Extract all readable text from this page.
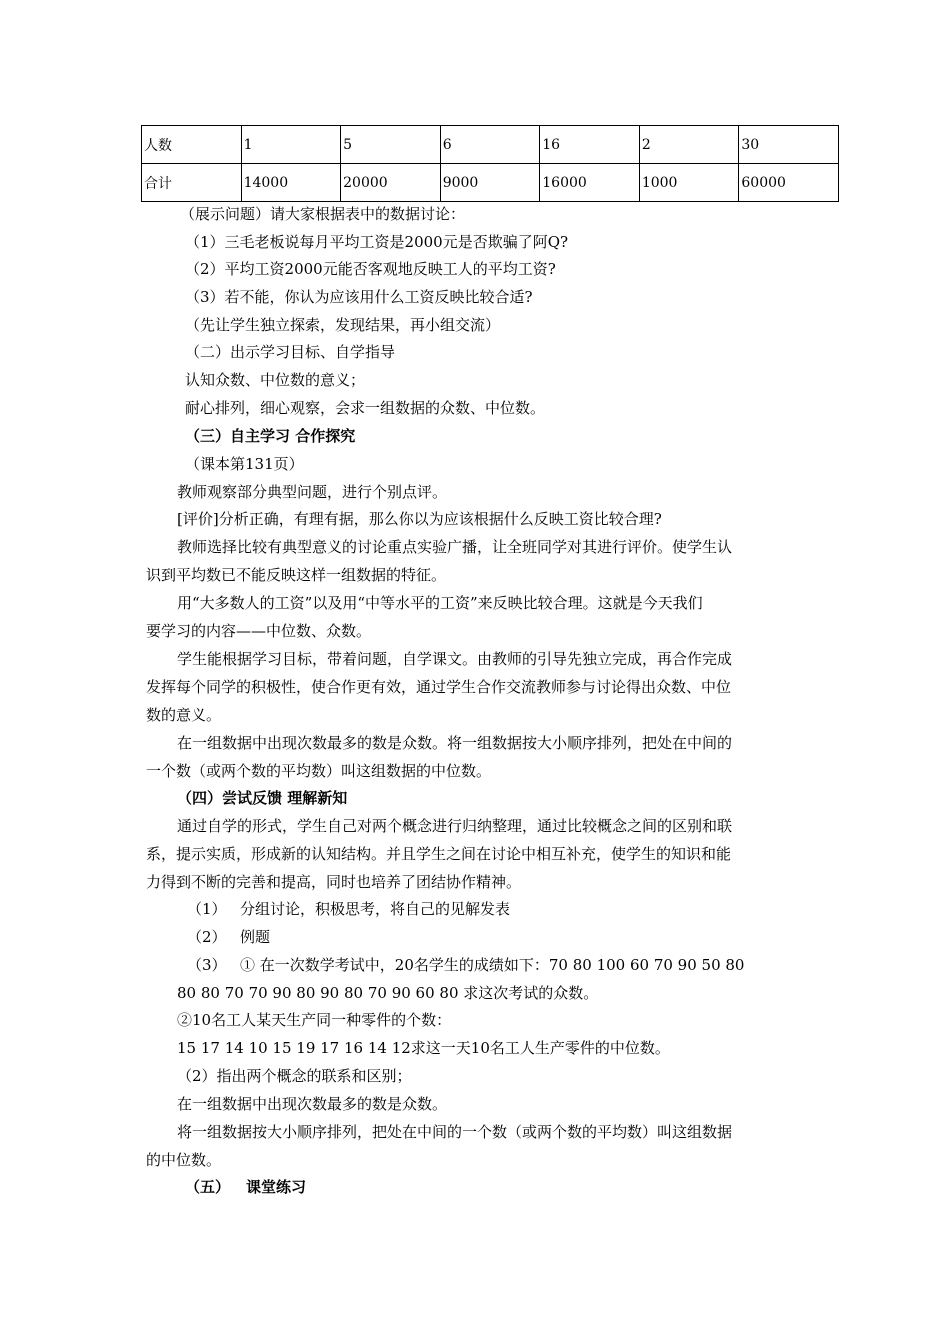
人数	1	5	6	16	2	30
合计	14000	20000	9000	16000	1000	60000
（展示问题）请大家根据表中的数据讨论：
（1）三毛老板说每月平均工资是2000元是否欺骗了阿Q?
（2）平均工资2000元能否客观地反映工人的平均工资?
（3）若不能，你认为应该用什么工资反映比较合适?
（先让学生独立探索，发现结果，再小组交流）
（二）出示学习目标、自学指导
认知众数、中位数的意义；
耐心排列，细心观察，会求一组数据的众数、中位数。
（三）自主学习 合作探究
（课本第131页）
教师观察部分典型问题，进行个别点评。
[评价]分析正确，有理有据，那么你以为应该根据什么反映工资比较合理?
教师选择比较有典型意义的讨论重点实验广播，让全班同学对其进行评价。使学生认
识到平均数已不能反映这样一组数据的特征。
用“大多数人的工资”以及用“中等水平的工资”来反映比较合理。这就是今天我们
要学习的内容——中位数、众数。
学生能根据学习目标，带着问题，自学课文。由教师的引导先独立完成，再合作完成
发挥每个同学的积极性，使合作更有效，通过学生合作交流教师参与讨论得出众数、中位
数的意义。
在一组数据中出现次数最多的数是众数。将一组数据按大小顺序排列，把处在中间的
一个数（或两个数的平均数）叫这组数据的中位数。
（四）尝试反馈 理解新知
通过自学的形式，学生自己对两个概念进行归纳整理，通过比较概念之间的区别和联
系，提示实质，形成新的认知结构。并且学生之间在讨论中相互补充，使学生的知识和能
力得到不断的完善和提高，同时也培养了团结协作精神。
（1） 分组讨论，积极思考，将自己的见解发表
（2） 例题
（3） ① 在一次数学考试中，20名学生的成绩如下：70 80 100 60 70 90 50 80
80 80 70 70 90 80 90 80 70 90 60 80 求这次考试的众数。
②10名工人某天生产同一种零件的个数：
15 17 14 10 15 19 17 16 14 12求这一天10名工人生产零件的中位数。
（2）指出两个概念的联系和区别；
在一组数据中出现次数最多的数是众数。
将一组数据按大小顺序排列，把处在中间的一个数（或两个数的平均数）叫这组数据
的中位数。
（五） 课堂练习
